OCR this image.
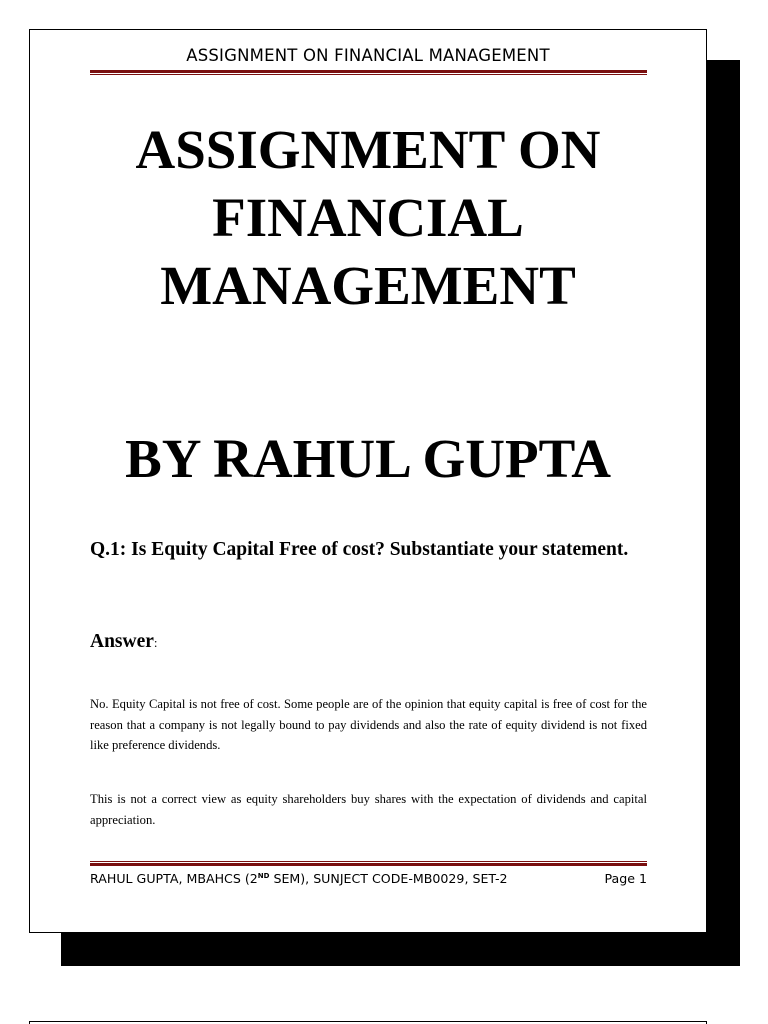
ASSIGNMENT ON FINANCIAL MANAGEMENT
ASSIGNMENT ON
FINANCIAL
MANAGEMENT
BY RAHUL GUPTA
Q.1: Is Equity Capital Free of cost? Substantiate your statement.
Answer:
No. Equity Capital is not free of cost. Some people are of the opinion that equity capital is free of cost for the reason that a company is not legally bound to pay dividends and also the rate of equity dividend is not fixed like preference dividends.
This is not a correct view as equity shareholders buy shares with the expectation of dividends and capital appreciation.
RAHUL GUPTA, MBAHCS (2ND SEM), SUNJECT CODE-MB0029, SET-2	Page 1
